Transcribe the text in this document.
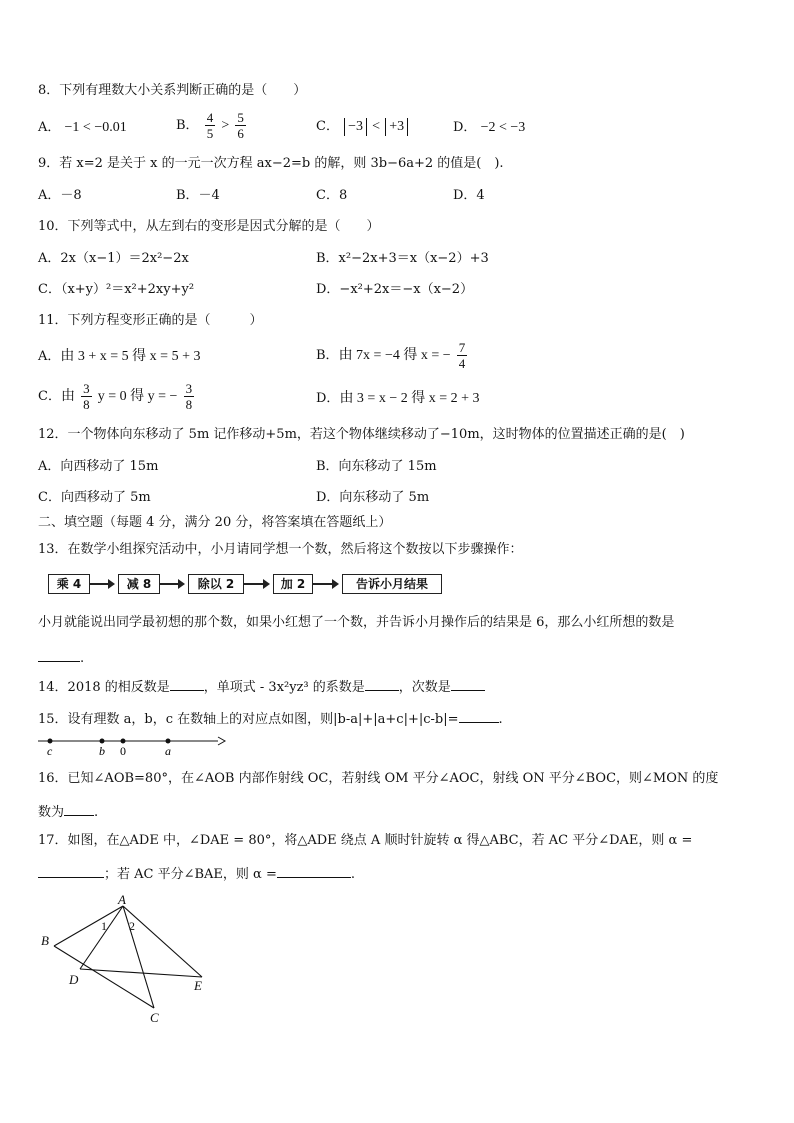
8．下列有理数大小关系判断正确的是（　　）
A． −1 < −0.01	B． $\frac{4}{5} > \frac{5}{6}$	C． −3 < +3	D． −2 < −3
9．若 x=2 是关于 x 的一元一次方程 ax−2=b 的解，则 3b−6a+2 的值是(　).
A．－8	B．－4	C．8	D．4
10．下列等式中，从左到右的变形是因式分解的是（　　）
A．2x（x−1）＝2x²−2x	B．x²−2x+3＝x（x−2）+3
C．（x+y）²＝x²+2xy+y²	D．−x²+2x＝−x（x−2）
11．下列方程变形正确的是（　　　）
A．由 3 + x = 5 得 x = 5 + 3	B．由 7x = −4 得 x = − $\frac{7}{4}$
C．由 $\frac{3}{8}$ y = 0 得 y = − $\frac{3}{8}$	D．由 3 = x − 2 得 x = 2 + 3
12．一个物体向东移动了 5m 记作移动+5m，若这个物体继续移动了−10m，这时物体的位置描述正确的是(　)
A．向西移动了 15m	B．向东移动了 15m
C．向西移动了 5m	D．向东移动了 5m
二、填空题（每题 4 分，满分 20 分，将答案填在答题纸上）
13．在数学小组探究活动中，小月请同学想一个数，然后将这个数按以下步骤操作：
乘 4	减 8	除以 2	加 2	告诉小月结果
小月就能说出同学最初想的那个数，如果小红想了一个数，并告诉小月操作后的结果是 6，那么小红所想的数是
.
14．2018 的相反数是	，单项式 - 3x²yz³ 的系数是	，次数是
15．设有理数 a，b，c 在数轴上的对应点如图，则|b-a|+|a+c|+|c-b|=	.
c	b 0	a
16．已知∠AOB=80°，在∠AOB 内部作射线 OC，若射线 OM 平分∠AOC，射线 ON 平分∠BOC，则∠MON 的度
数为 .
17．如图，在△ADE 中，∠DAE = 80°，将△ADE 绕点 A 顺时针旋转 α 得△ABC，若 AC 平分∠DAE，则 α =
；若 AC 平分∠BAE，则 α =	.
A
B
D	E
C
1 2
